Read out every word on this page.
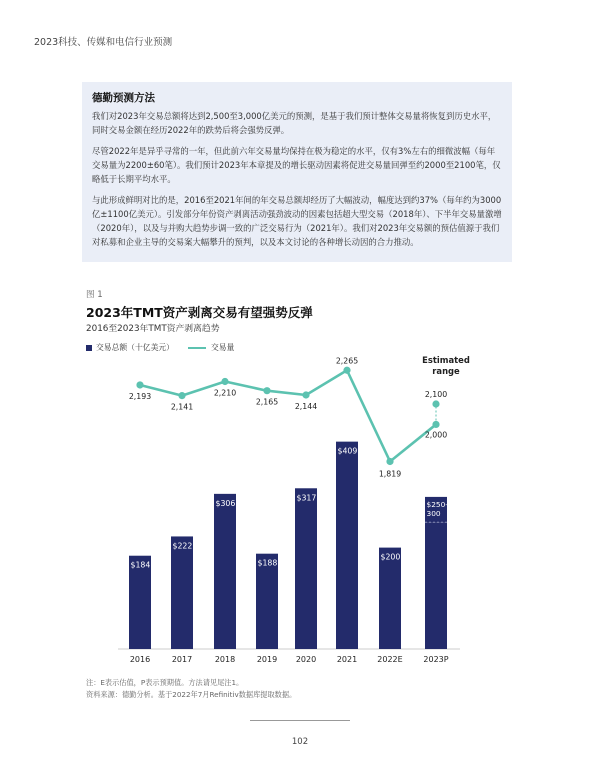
2023科技、传媒和电信行业预测
德勤预测方法

我们对2023年交易总额将达到2,500至3,000亿美元的预测，是基于我们预计整体交易量将恢复到历史水平，同时交易金额在经历2022年的跌势后将会强势反弹。

尽管2022年是异乎寻常的一年，但此前六年交易量均保持在极为稳定的水平，仅有3%左右的细微波幅（每年交易量为2200±60笔）。我们预计2023年本章提及的增长驱动因素将促进交易量回弹至约2000至2100笔，仅略低于长期平均水平。

与此形成鲜明对比的是，2016至2021年间的年交易总额却经历了大幅波动，幅度达到约37%（每年约为3000亿±1100亿美元）。引发部分年份资产剥离活动强劲波动的因素包括超大型交易（2018年）、下半年交易量激增（2020年），以及与并购大趋势步调一致的广泛交易行为（2021年）。我们对2023年交易额的预估值源于我们对私募和企业主导的交易案大幅攀升的预判，以及本文讨论的各种增长动因的合力推动。

图 1
2023年TMT资产剥离交易有望强势反弹
2016至2023年TMT资产剥离趋势
交易总额（十亿美元）	交易量
$184
$222
$306
$188
$317
$409
$200
$250– 300
2016	2017	2018	2019 2020	2021	2022E	2023P
2,193
2,141
2,210
2,165 2,144
2,265
1,819
2,000
2,100
Estimated
range
注：E表示估值，P表示预期值。方法请见尾注1。
资料来源：德勤分析。基于2022年7月Refinitiv数据库提取数据。
102
